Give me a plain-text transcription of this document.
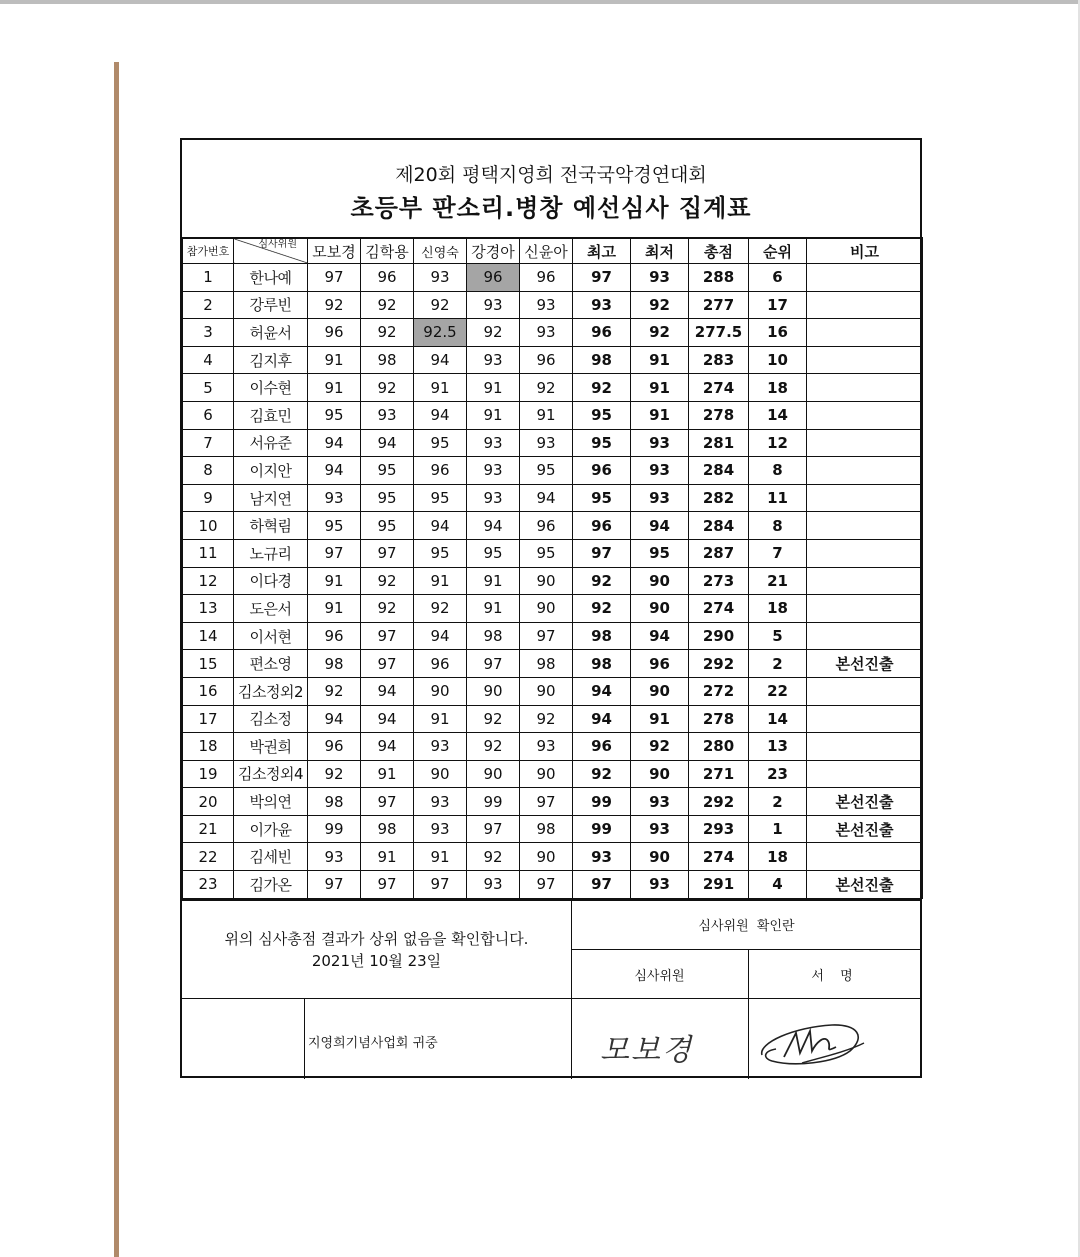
제20회 평택지영희 전국국악경연대회
초등부 판소리.병창 예선심사 집계표
참가번호	심사위원	모보경	김학용	신영숙	강경아	신윤아	최고	최저	총점	순위	비고
1	한나예	97	96	93	96	96	97	93	288	6	
2	강루빈	92	92	92	93	93	93	92	277	17	
3	허윤서	96	92	92.5	92	93	96	92	277.5	16	
4	김지후	91	98	94	93	96	98	91	283	10	
5	이수현	91	92	91	91	92	92	91	274	18	
6	김효민	95	93	94	91	91	95	91	278	14	
7	서유준	94	94	95	93	93	95	93	281	12	
8	이지안	94	95	96	93	95	96	93	284	8	
9	남지연	93	95	95	93	94	95	93	282	11	
10	하혁림	95	95	94	94	96	96	94	284	8	
11	노규리	97	97	95	95	95	97	95	287	7	
12	이다경	91	92	91	91	90	92	90	273	21	
13	도은서	91	92	92	91	90	92	90	274	18	
14	이서현	96	97	94	98	97	98	94	290	5	
15	편소영	98	97	96	97	98	98	96	292	2	본선진출
16	김소정외2	92	94	90	90	90	94	90	272	22	
17	김소정	94	94	91	92	92	94	91	278	14	
18	박권희	96	94	93	92	93	96	92	280	13	
19	김소정외4	92	91	90	90	90	92	90	271	23	
20	박의연	98	97	93	99	97	99	93	292	2	본선진출
21	이가윤	99	98	93	97	98	99	93	293	1	본선진출
22	김세빈	93	91	91	92	90	93	90	274	18	
23	김가온	97	97	97	93	97	97	93	291	4	본선진출
위의 심사총점 결과가 상위 없음을 확인합니다.
2021년 10월 23일
심사위원  확인란
심사위원	서 명
지영희기념사업회 귀중	모보경
